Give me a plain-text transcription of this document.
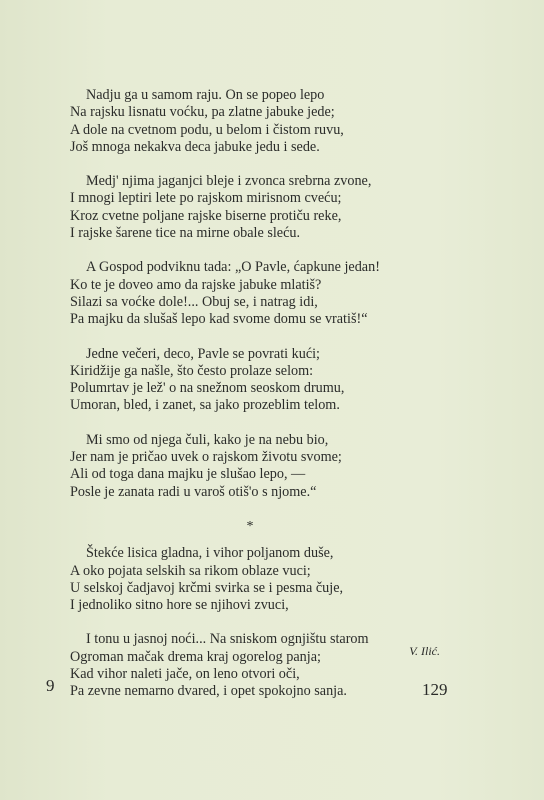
Nadju ga u samom raju. On se popeo lepo
Na rajsku lisnatu voćku, pa zlatne jabuke jede;
A dole na cvetnom podu, u belom i čistom ruvu,
Još mnoga nekakva deca jabuke jedu i sede.
Medj' njima jaganjci bleje i zvonca srebrna zvone,
I mnogi leptiri lete po rajskom mirisnom cveću;
Kroz cvetne poljane rajske biserne protiču reke,
I rajske šarene tice na mirne obale sleću.
A Gospod podviknu tada: „O Pavle, ćapkune jedan!
Ko te je doveo amo da rajske jabuke mlatiš?
Silazi sa voćke dole!... Obuj se, i natrag idi,
Pa majku da slušaš lepo kad svome domu se vratiš!“
Jedne večeri, deco, Pavle se povrati kući;
Kiridžije ga našle, što često prolaze selom:
Polumrtav je lež' o na snežnom seoskom drumu,
Umoran, bled, i zanet, sa jako prozeblim telom.
Mi smo od njega čuli, kako je na nebu bio,
Jer nam je pričao uvek o rajskom životu svome;
Ali od toga dana majku je slušao lepo, —
Posle je zanata radi u varoš otiš'o s njome.“
*
Štekće lisica gladna, i vihor poljanom duše,
A oko pojata selskih sa rikom oblaze vuci;
U selskoj čadjavoj krčmi svirka se i pesma čuje,
I jednoliko sitno hore se njihovi zvuci,
I tonu u jasnoj noći... Na sniskom ognjištu starom
Ogroman mačak drema kraj ogorelog panja;
Kad vihor naleti jače, on leno otvori oči,
Pa zevne nemarno dvared, i opet spokojno sanja.
V. Ilić.
9	129
